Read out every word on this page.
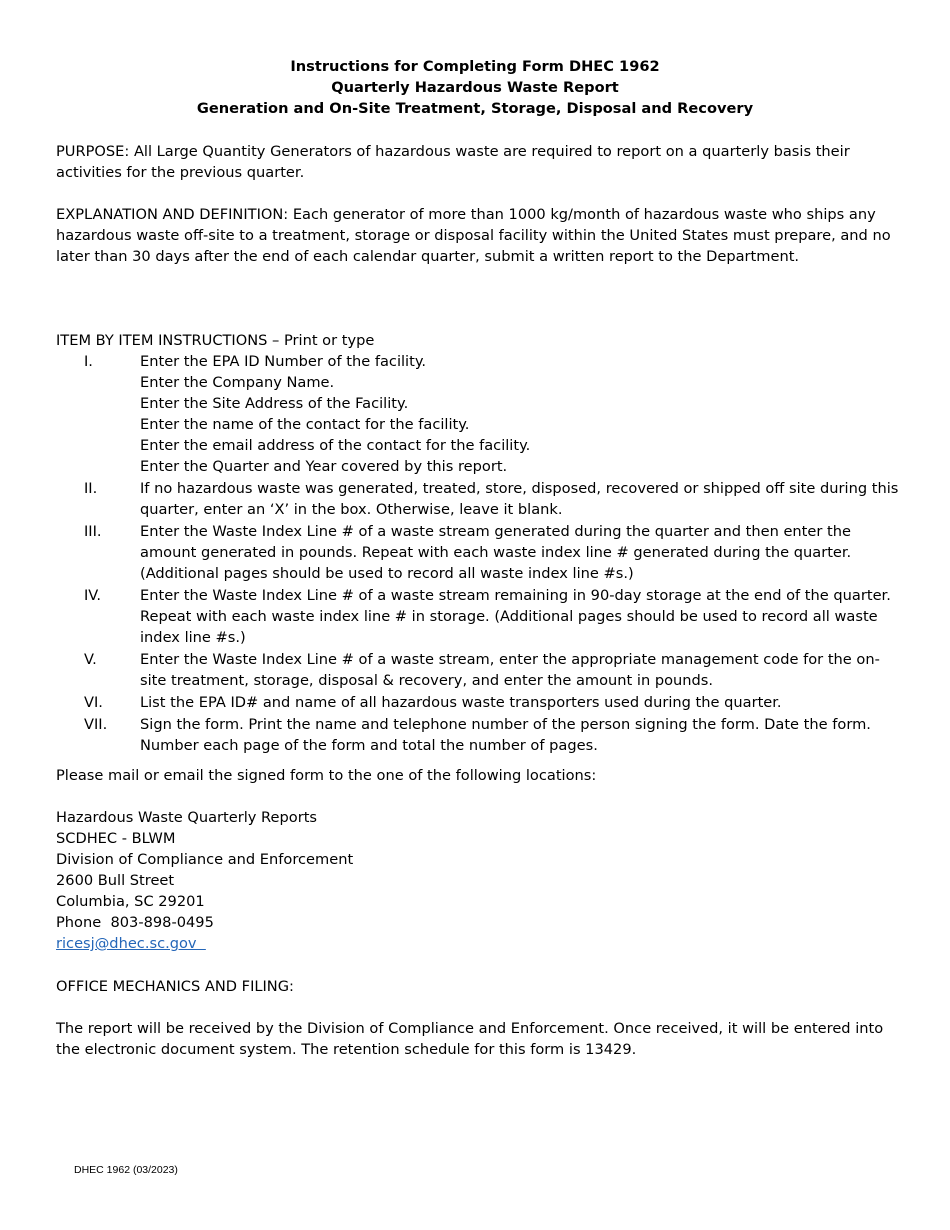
Instructions for Completing Form DHEC 1962
Quarterly Hazardous Waste Report
Generation and On-Site Treatment, Storage, Disposal and Recovery
PURPOSE: All Large Quantity Generators of hazardous waste are required to report on a quarterly basis their activities for the previous quarter.
EXPLANATION AND DEFINITION: Each generator of more than 1000 kg/month of hazardous waste who ships any hazardous waste off-site to a treatment, storage or disposal facility within the United States must prepare, and no later than 30 days after the end of each calendar quarter, submit a written report to the Department.
ITEM BY ITEM INSTRUCTIONS – Print or type
I.	Enter the EPA ID Number of the facility.
Enter the Company Name.
Enter the Site Address of the Facility.
Enter the name of the contact for the facility.
Enter the email address of the contact for the facility.
Enter the Quarter and Year covered by this report.
II.	If no hazardous waste was generated, treated, store, disposed, recovered or shipped off site during this quarter, enter an ‘X’ in the box. Otherwise, leave it blank.
III.	Enter the Waste Index Line # of a waste stream generated during the quarter and then enter the amount generated in pounds. Repeat with each waste index line # generated during the quarter. (Additional pages should be used to record all waste index line #s.)
IV.	Enter the Waste Index Line # of a waste stream remaining in 90-day storage at the end of the quarter. Repeat with each waste index line # in storage. (Additional pages should be used to record all waste index line #s.)
V.	Enter the Waste Index Line # of a waste stream, enter the appropriate management code for the on-site treatment, storage, disposal & recovery, and enter the amount in pounds.
VI.	List the EPA ID# and name of all hazardous waste transporters used during the quarter.
VII.	Sign the form. Print the name and telephone number of the person signing the form. Date the form. Number each page of the form and total the number of pages.
Please mail or email the signed form to the one of the following locations:
Hazardous Waste Quarterly Reports
SCDHEC - BLWM
Division of Compliance and Enforcement
2600 Bull Street
Columbia, SC 29201
Phone  803-898-0495
ricesj@dhec.sc.gov
OFFICE MECHANICS AND FILING:
The report will be received by the Division of Compliance and Enforcement. Once received, it will be entered into the electronic document system. The retention schedule for this form is 13429.
DHEC 1962 (03/2023)
